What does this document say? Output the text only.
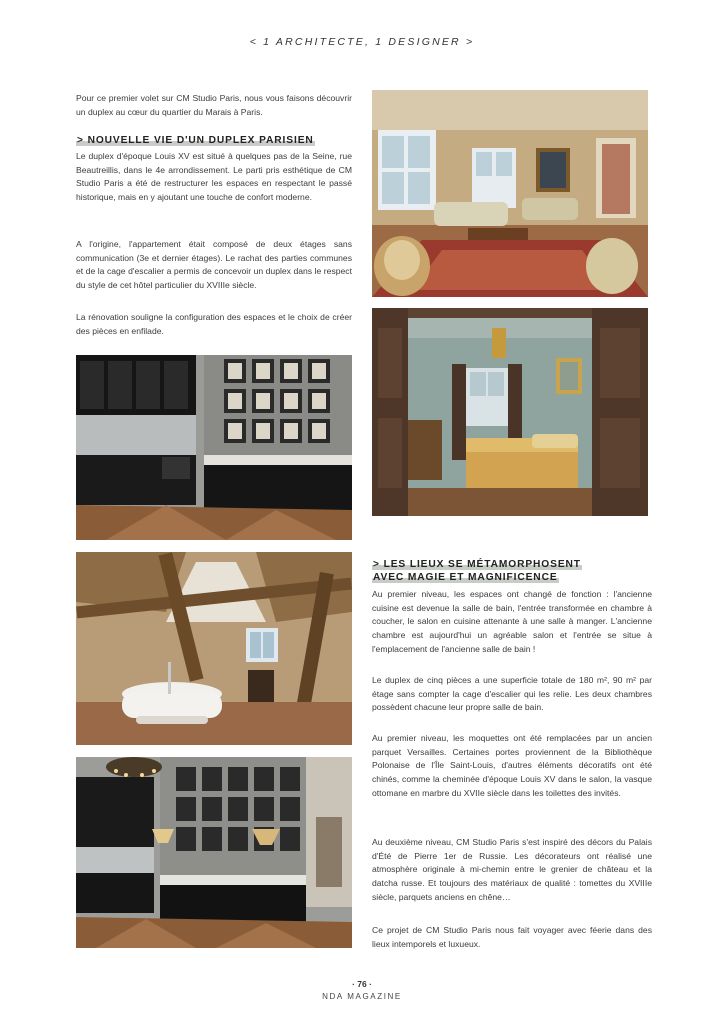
< 1 ARCHITECTE, 1 DESIGNER >

Pour ce premier volet sur CM Studio Paris, nous vous faisons découvrir un duplex au cœur du quartier du Marais à Paris.

> NOUVELLE VIE D'UN DUPLEX PARISIEN

Le duplex d'époque Louis XV est situé à quelques pas de la Seine, rue Beautreillis, dans le 4e arrondissement. Le parti pris esthétique de CM Studio Paris a été de restructurer les espaces en respectant le passé historique, mais en y ajoutant une touche de confort moderne.

A l'origine, l'appartement était composé de deux étages sans communication (3e et dernier étages). Le rachat des parties communes et de la cage d'escalier a permis de concevoir un duplex dans le respect du style de cet hôtel particulier du XVIIIe siècle.

La rénovation souligne la configuration des espaces et le choix de créer des pièces en enfilade.

> LES LIEUX SE MÉTAMORPHOSENT
AVEC MAGIE ET MAGNIFICENCE

Au premier niveau, les espaces ont changé de fonction : l'ancienne cuisine est devenue la salle de bain, l'entrée transformée en chambre à coucher, le salon en cuisine attenante à une salle à manger. L'ancienne chambre est aujourd'hui un agréable salon et l'entrée se situe à l'emplacement de l'ancienne salle de bain !

Le duplex de cinq pièces a une superficie totale de 180 m², 90 m² par étage sans compter la cage d'escalier qui les relie. Les deux chambres possèdent chacune leur propre salle de bain.

Au premier niveau, les moquettes ont été remplacées par un ancien parquet Versailles. Certaines portes proviennent de la Bibliothèque Polonaise de l'Île Saint-Louis, d'autres éléments décoratifs ont été chinés, comme la cheminée d'époque Louis XV dans le salon, la vasque ottomane en marbre du XVIIe siècle dans les toilettes des invités.

Au deuxième niveau, CM Studio Paris s'est inspiré des décors du Palais d'Été de Pierre 1er de Russie. Les décorateurs ont réalisé une atmosphère originale à mi-chemin entre le grenier de château et la datcha russe. Et toujours des matériaux de qualité : tomettes du XVIIIe siècle, parquets anciens en chêne…

Ce projet de CM Studio Paris nous fait voyager avec féerie dans des lieux intemporels et luxueux.

· 76 ·
NDA MAGAZINE
